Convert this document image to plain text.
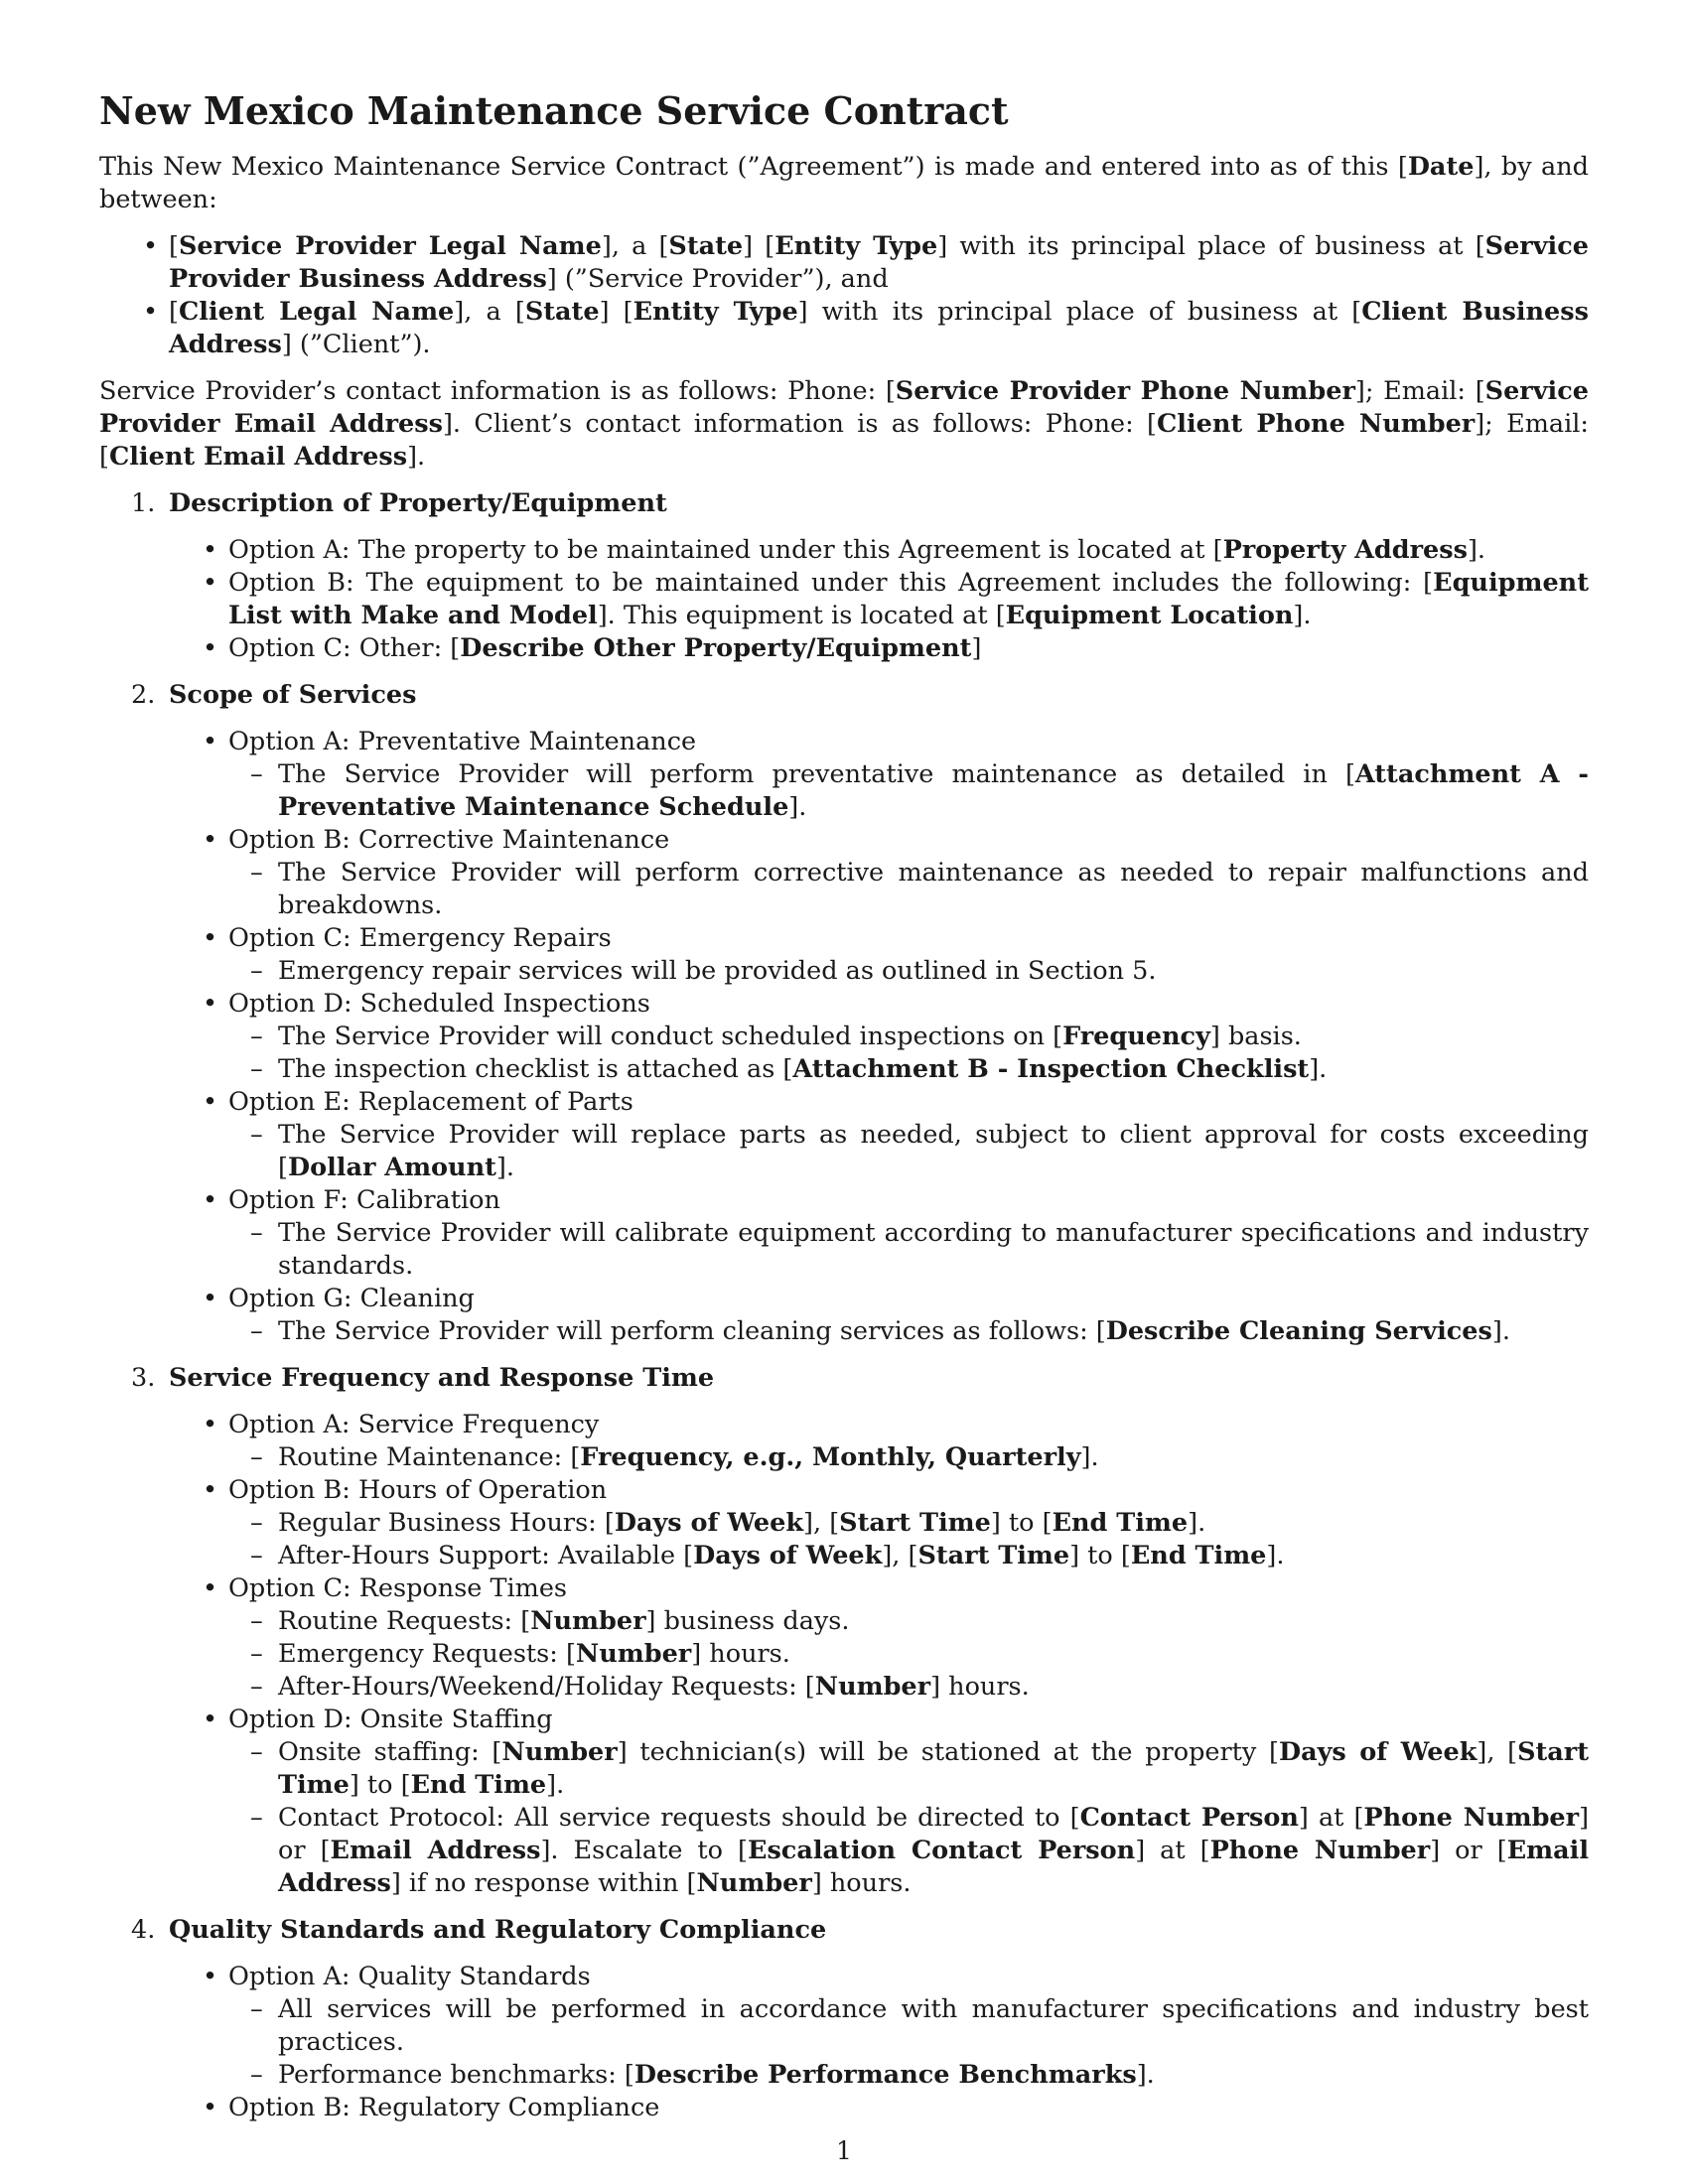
New Mexico Maintenance Service Contract

This New Mexico Maintenance Service Contract (”Agreement”) is made and entered into as of this [Date], by and between:

• [Service Provider Legal Name], a [State] [Entity Type] with its principal place of business at [Service Provider Business Address] (”Service Provider”), and
• [Client Legal Name], a [State] [Entity Type] with its principal place of business at [Client Business Address] (”Client”).

Service Provider’s contact information is as follows: Phone: [Service Provider Phone Number]; Email: [Service Provider Email Address]. Client’s contact information is as follows: Phone: [Client Phone Number]; Email: [Client Email Address].

1. Description of Property/Equipment
• Option A: The property to be maintained under this Agreement is located at [Property Address].
• Option B: The equipment to be maintained under this Agreement includes the following: [Equipment List with Make and Model]. This equipment is located at [Equipment Location].
• Option C: Other: [Describe Other Property/Equipment]
2. Scope of Services
• Option A: Preventative Maintenance
– The Service Provider will perform preventative maintenance as detailed in [Attachment A - Preventative Maintenance Schedule].
• Option B: Corrective Maintenance
– The Service Provider will perform corrective maintenance as needed to repair malfunctions and breakdowns.
• Option C: Emergency Repairs
– Emergency repair services will be provided as outlined in Section 5.
• Option D: Scheduled Inspections
– The Service Provider will conduct scheduled inspections on [Frequency] basis.
– The inspection checklist is attached as [Attachment B - Inspection Checklist].
• Option E: Replacement of Parts
– The Service Provider will replace parts as needed, subject to client approval for costs exceeding [Dollar Amount].
• Option F: Calibration
– The Service Provider will calibrate equipment according to manufacturer specifications and industry standards.
• Option G: Cleaning
– The Service Provider will perform cleaning services as follows: [Describe Cleaning Services].
3. Service Frequency and Response Time
• Option A: Service Frequency
– Routine Maintenance: [Frequency, e.g., Monthly, Quarterly].
• Option B: Hours of Operation
– Regular Business Hours: [Days of Week], [Start Time] to [End Time].
– After-Hours Support: Available [Days of Week], [Start Time] to [End Time].
• Option C: Response Times
– Routine Requests: [Number] business days.
– Emergency Requests: [Number] hours.
– After-Hours/Weekend/Holiday Requests: [Number] hours.
• Option D: Onsite Staffing
– Onsite staffing: [Number] technician(s) will be stationed at the property [Days of Week], [Start Time] to [End Time].
– Contact Protocol: All service requests should be directed to [Contact Person] at [Phone Number] or [Email Address]. Escalate to [Escalation Contact Person] at [Phone Number] or [Email Address] if no response within [Number] hours.
4. Quality Standards and Regulatory Compliance
• Option A: Quality Standards
– All services will be performed in accordance with manufacturer specifications and industry best practices.
– Performance benchmarks: [Describe Performance Benchmarks].
• Option B: Regulatory Compliance
1
